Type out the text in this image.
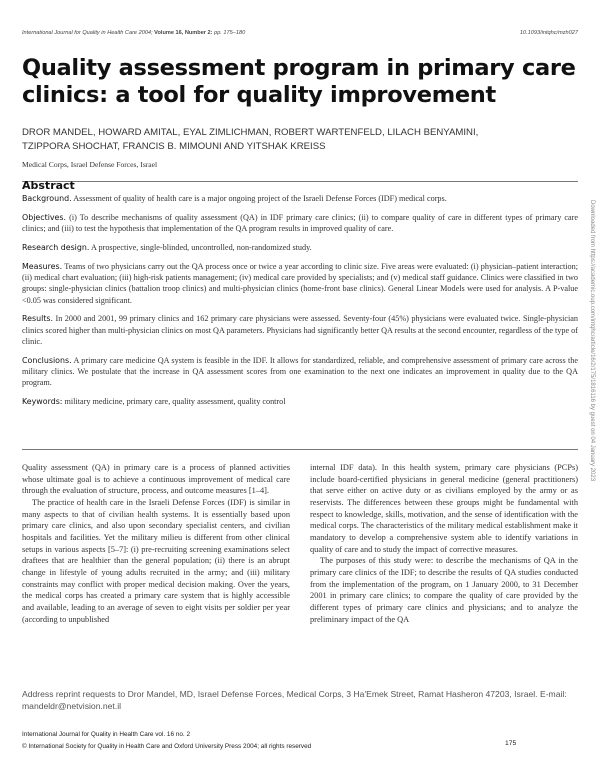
International Journal for Quality in Health Care 2004; Volume 16, Number 2: pp. 175–180	10.1093/intqhc/mzh027
Quality assessment program in primary care clinics: a tool for quality improvement
DROR MANDEL, HOWARD AMITAL, EYAL ZIMLICHMAN, ROBERT WARTENFELD, LILACH BENYAMINI,
TZIPPORA SHOCHAT, FRANCIS B. MIMOUNI AND YITSHAK KREISS
Medical Corps, Israel Defense Forces, Israel
Abstract

Background. Assessment of quality of health care is a major ongoing project of the Israeli Defense Forces (IDF) medical corps.

Objectives. (i) To describe mechanisms of quality assessment (QA) in IDF primary care clinics; (ii) to compare quality of care in different types of primary care clinics; and (iii) to test the hypothesis that implementation of the QA program results in improved quality of care.

Research design. A prospective, single-blinded, uncontrolled, non-randomized study.

Measures. Teams of two physicians carry out the QA process once or twice a year according to clinic size. Five areas were evaluated: (i) physician–patient interaction; (ii) medical chart evaluation; (iii) high-risk patients management; (iv) medical care provided by specialists; and (v) medical staff guidance. Clinics were classified in two groups: single-physician clinics (battalion troop clinics) and multi-physician clinics (home-front base clinics). General Linear Models were used for analysis. A P-value <0.05 was considered significant.

Results. In 2000 and 2001, 99 primary clinics and 162 primary care physicians were assessed. Seventy-four (45%) physicians were evaluated twice. Single-physician clinics scored higher than multi-physician clinics on most QA parameters. Physicians had significantly better QA results at the second encounter, regardless of the type of clinic.

Conclusions. A primary care medicine QA system is feasible in the IDF. It allows for standardized, reliable, and comprehensive assessment of primary care across the military clinics. We postulate that the increase in QA assessment scores from one examination to the next one indicates an improvement in quality due to the QA program.

Keywords: military medicine, primary care, quality assessment, quality control

Quality assessment (QA) in primary care is a process of planned activities whose ultimate goal is to achieve a continuous improvement of medical care through the evaluation of structure, process, and outcome measures [1–4].

The practice of health care in the Israeli Defense Forces (IDF) is similar in many aspects to that of civilian health systems. It is essentially based upon primary care clinics, and also upon secondary specialist centers, and civilian hospitals and facilities. Yet the military milieu is different from other clinical setups in various aspects [5–7]: (i) pre-recruiting screening examinations select draftees that are healthier than the general population; (ii) there is an abrupt change in lifestyle of young adults recruited in the army; and (iii) military constraints may conflict with proper medical decision making. Over the years, the medical corps has created a primary care system that is highly accessible and available, leading to an average of seven to eight visits per soldier per year (according to unpublished

internal IDF data). In this health system, primary care physicians (PCPs) include board-certified physicians in general medicine (general practitioners) that serve either on active duty or as civilians employed by the army or as reservists. The differences between these groups might be fundamental with respect to knowledge, skills, motivation, and the sense of identification with the medical corps. The characteristics of the military medical establishment make it mandatory to develop a comprehensive system able to identify variations in quality of care and to study the impact of corrective measures.

The purposes of this study were: to describe the mechanisms of QA in the primary care clinics of the IDF; to describe the results of QA studies conducted from the implementation of the program, on 1 January 2000, to 31 December 2001 in primary care clinics; to compare the quality of care provided by the different types of primary care clinics and physicians; and to analyze the preliminary impact of the QA

Address reprint requests to Dror Mandel, MD, Israel Defense Forces, Medical Corps, 3 Ha'Emek Street, Ramat Hasheron 47203, Israel. E-mail: mandeldr@netvision.net.il
International Journal for Quality in Health Care vol. 16 no. 2
© International Society for Quality in Health Care and Oxford University Press 2004; all rights reserved	175
Downloaded from https://academic.oup.com/intqhc/article/16/2/175/1816116 by guest on 04 January 2023
